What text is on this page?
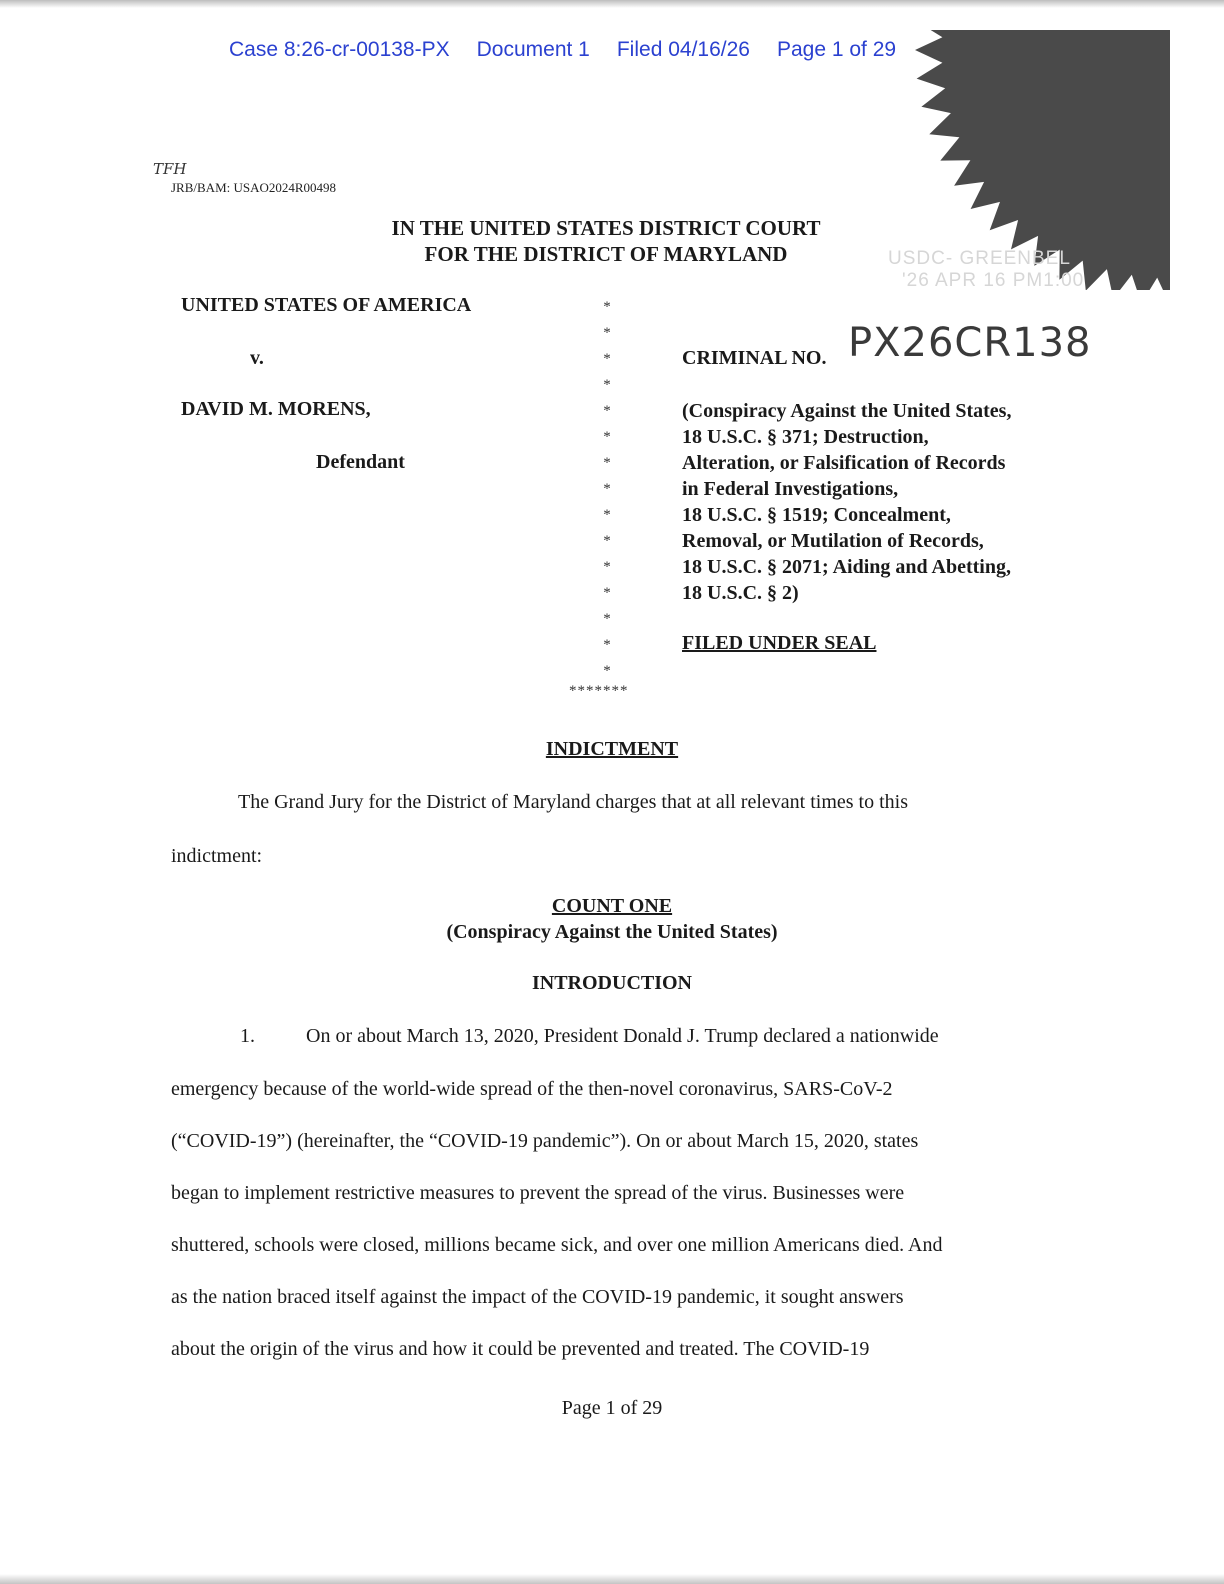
Case 8:26-cr-00138-PX Document 1 Filed 04/16/26 Page 1 of 29
USDC- GREENBEL
'26 APR 16 PM1:00
TFH
JRB/BAM: USAO2024R00498
IN THE UNITED STATES DISTRICT COURT
FOR THE DISTRICT OF MARYLAND
UNITED STATES OF AMERICA
v.
DAVID M. MORENS,
Defendant
*
*
*
*
*
*
*
*
*
*
*
*
*
*
*
*******
CRIMINAL NO. PX26CR138
(Conspiracy Against the United States,
18 U.S.C. § 371; Destruction,
Alteration, or Falsification of Records
in Federal Investigations,
18 U.S.C. § 1519; Concealment,
Removal, or Mutilation of Records,
18 U.S.C. § 2071; Aiding and Abetting,
18 U.S.C. § 2)
FILED UNDER SEAL
INDICTMENT
The Grand Jury for the District of Maryland charges that at all relevant times to this
indictment:
COUNT ONE
(Conspiracy Against the United States)
INTRODUCTION
1.	On or about March 13, 2020, President Donald J. Trump declared a nationwide
emergency because of the world-wide spread of the then-novel coronavirus, SARS-CoV-2
(“COVID-19”) (hereinafter, the “COVID-19 pandemic”). On or about March 15, 2020, states
began to implement restrictive measures to prevent the spread of the virus. Businesses were
shuttered, schools were closed, millions became sick, and over one million Americans died. And
as the nation braced itself against the impact of the COVID-19 pandemic, it sought answers
about the origin of the virus and how it could be prevented and treated. The COVID-19
Page 1 of 29
